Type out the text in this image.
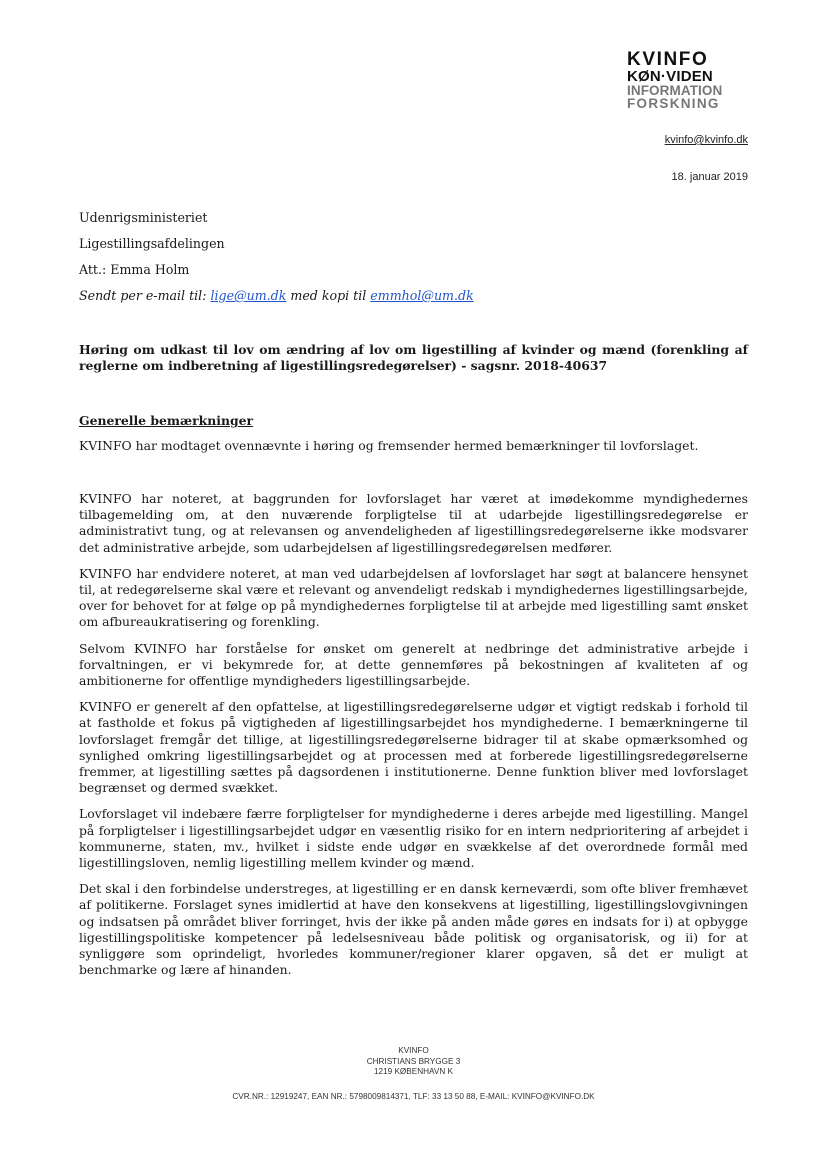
KVINFO
KØN·VIDEN
INFORMATION
FORSKNING
kvinfo@kvinfo.dk
18. januar 2019
Udenrigsministeriet
Ligestillingsafdelingen
Att.: Emma Holm
Sendt per e-mail til: lige@um.dk med kopi til emmhol@um.dk
Høring om udkast til lov om ændring af lov om ligestilling af kvinder og mænd (forenkling af reglerne om indberetning af ligestillingsredegørelser) - sagsnr. 2018-40637
Generelle bemærkninger
KVINFO har modtaget ovennævnte i høring og fremsender hermed bemærkninger til lovforslaget.

KVINFO har noteret, at baggrunden for lovforslaget har været at imødekomme myndighedernes tilbagemelding om, at den nuværende forpligtelse til at udarbejde ligestillingsredegørelse er administrativt tung, og at relevansen og anvendeligheden af ligestillingsredegørelserne ikke modsvarer det administrative arbejde, som udarbejdelsen af ligestillingsredegørelsen medfører.

KVINFO har endvidere noteret, at man ved udarbejdelsen af lovforslaget har søgt at balancere hensynet til, at redegørelserne skal være et relevant og anvendeligt redskab i myndighedernes ligestillingsarbejde, over for behovet for at følge op på myndighedernes forpligtelse til at arbejde med ligestilling samt ønsket om afbureaukratisering og forenkling.

Selvom KVINFO har forståelse for ønsket om generelt at nedbringe det administrative arbejde i forvaltningen, er vi bekymrede for, at dette gennemføres på bekostningen af kvaliteten af og ambitionerne for offentlige myndigheders ligestillingsarbejde.

KVINFO er generelt af den opfattelse, at ligestillingsredegørelserne udgør et vigtigt redskab i forhold til at fastholde et fokus på vigtigheden af ligestillingsarbejdet hos myndighederne. I bemærkningerne til lovforslaget fremgår det tillige, at ligestillingsredegørelserne bidrager til at skabe opmærksomhed og synlighed omkring ligestillingsarbejdet og at processen med at forberede ligestillingsredegørelserne fremmer, at ligestilling sættes på dagsordenen i institutionerne. Denne funktion bliver med lovforslaget begrænset og dermed svækket.

Lovforslaget vil indebære færre forpligtelser for myndighederne i deres arbejde med ligestilling. Mangel på forpligtelser i ligestillingsarbejdet udgør en væsentlig risiko for en intern nedprioritering af arbejdet i kommunerne, staten, mv., hvilket i sidste ende udgør en svækkelse af det overordnede formål med ligestillingsloven, nemlig ligestilling mellem kvinder og mænd.

Det skal i den forbindelse understreges, at ligestilling er en dansk kerneværdi, som ofte bliver fremhævet af politikerne. Forslaget synes imidlertid at have den konsekvens at ligestilling, ligestillingslovgivningen og indsatsen på området bliver forringet, hvis der ikke på anden måde gøres en indsats for i) at opbygge ligestillingspolitiske kompetencer på ledelsesniveau både politisk og organisatorisk, og ii) for at synliggøre som oprindeligt, hvorledes kommuner/regioner klarer opgaven, så det er muligt at benchmarke og lære af hinanden.

KVINFO
CHRISTIANS BRYGGE 3
1219 KØBENHAVN K
CVR.NR.: 12919247, EAN NR.: 5798009814371, TLF: 33 13 50 88, E-MAIL: KVINFO@KVINFO.DK
